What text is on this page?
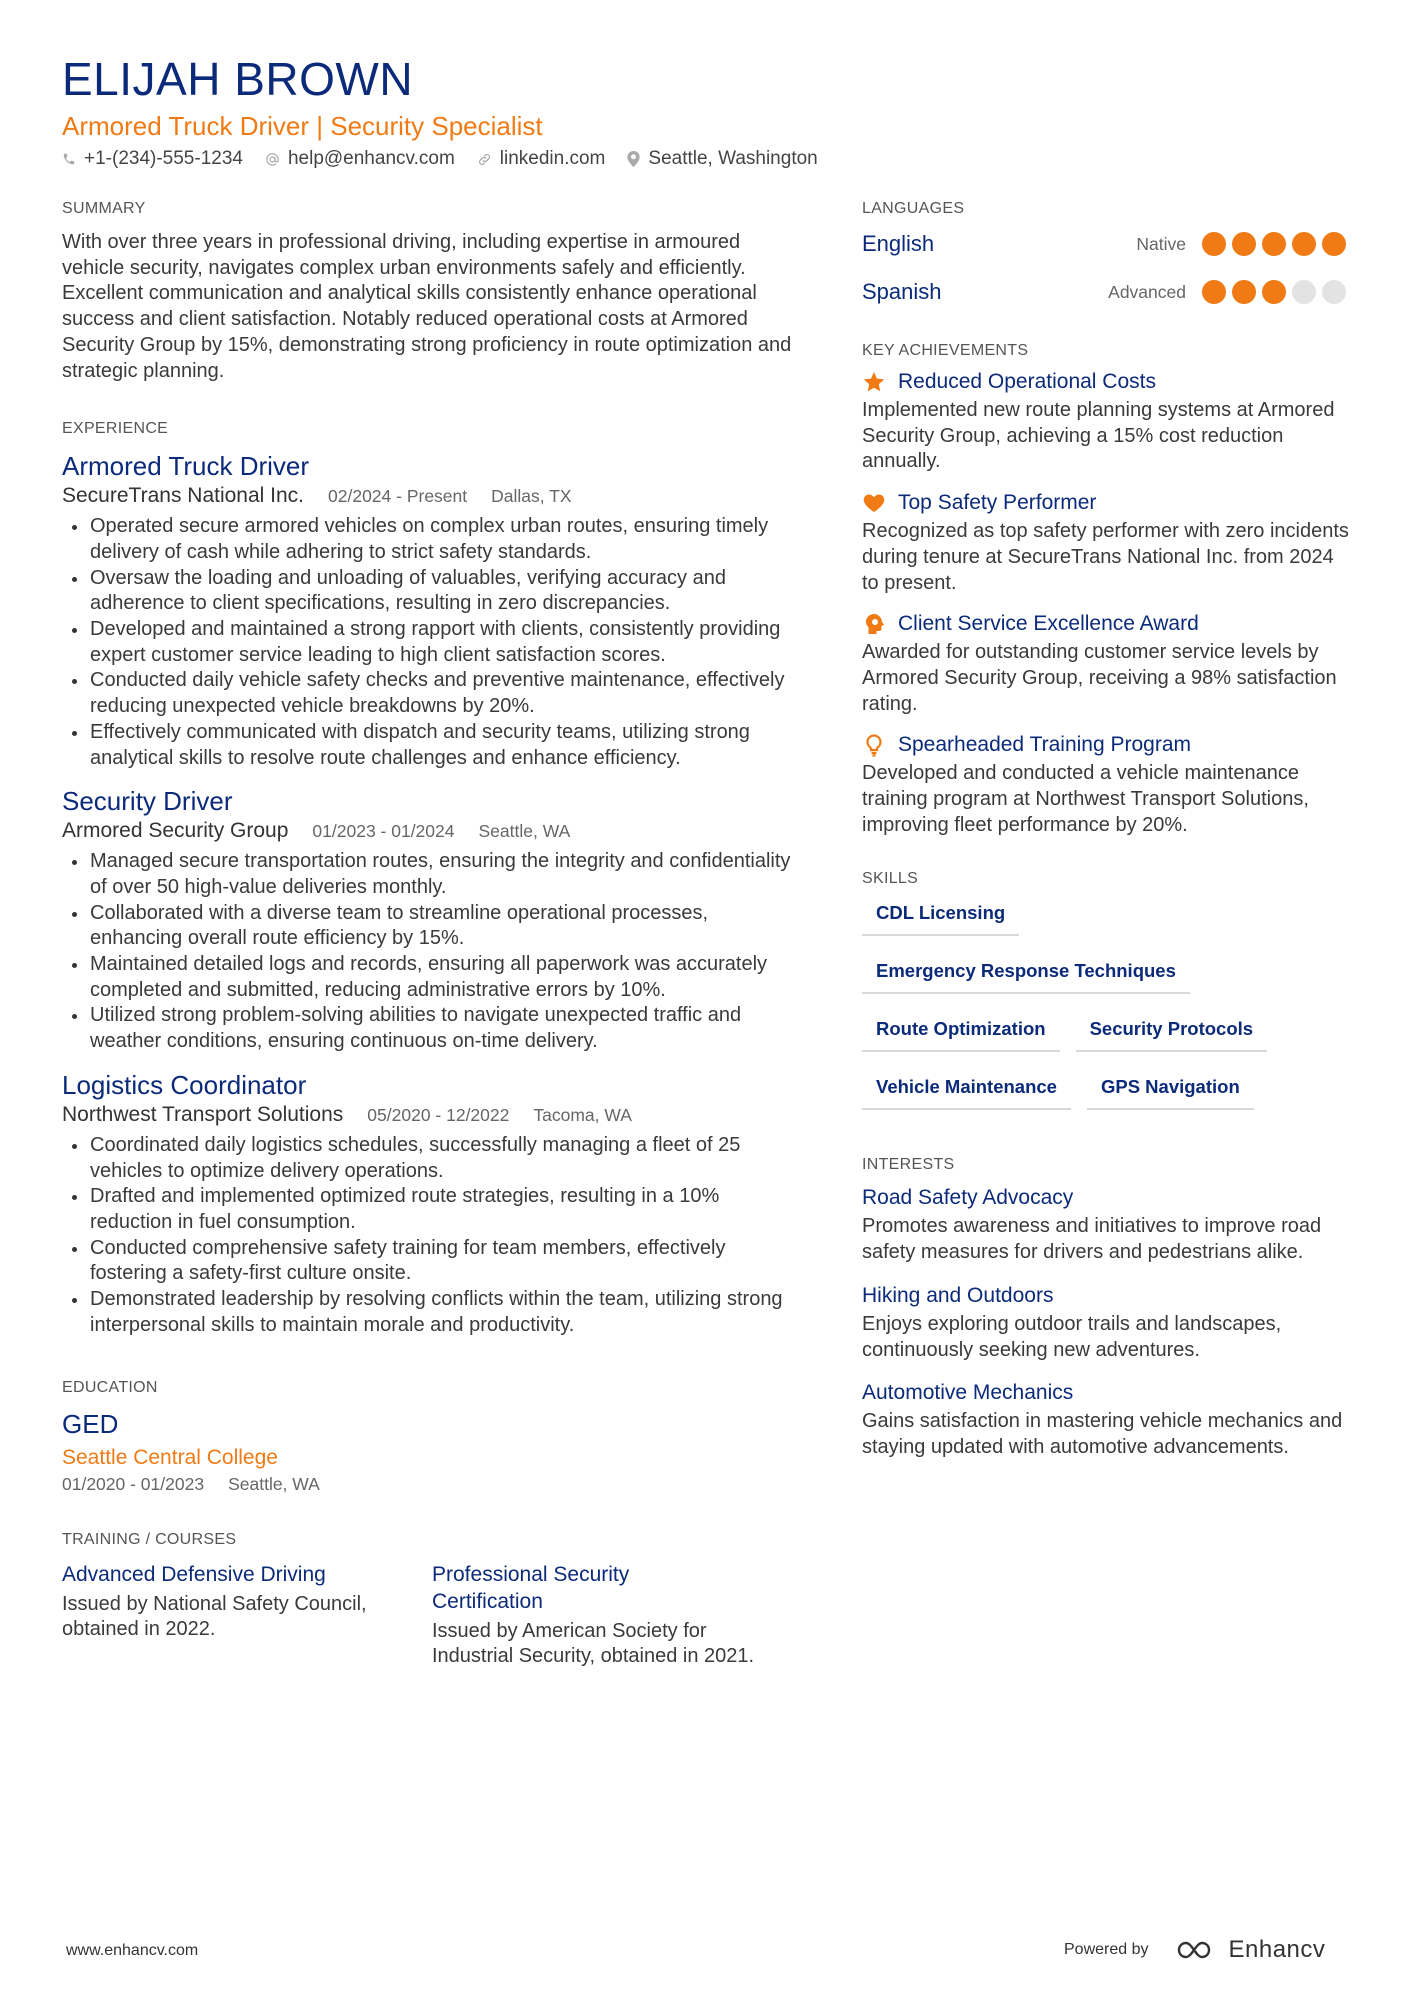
ELIJAH BROWN
Armored Truck Driver | Security Specialist
+1-(234)-555-1234 help@enhancv.com linkedin.com Seattle, Washington
SUMMARY

With over three years in professional driving, including expertise in armoured vehicle security, navigates complex urban environments safely and efficiently. Excellent communication and analytical skills consistently enhance operational success and client satisfaction. Notably reduced operational costs at Armored Security Group by 15%, demonstrating strong proficiency in route optimization and strategic planning.

EXPERIENCE
Armored Truck Driver
SecureTrans National Inc. 02/2024 - Present Dallas, TX
Operated secure armored vehicles on complex urban routes, ensuring timely delivery of cash while adhering to strict safety standards.
Oversaw the loading and unloading of valuables, verifying accuracy and adherence to client specifications, resulting in zero discrepancies.
Developed and maintained a strong rapport with clients, consistently providing expert customer service leading to high client satisfaction scores.
Conducted daily vehicle safety checks and preventive maintenance, effectively reducing unexpected vehicle breakdowns by 20%.
Effectively communicated with dispatch and security teams, utilizing strong analytical skills to resolve route challenges and enhance efficiency.
Security Driver
Armored Security Group 01/2023 - 01/2024 Seattle, WA
Managed secure transportation routes, ensuring the integrity and confidentiality of over 50 high-value deliveries monthly.
Collaborated with a diverse team to streamline operational processes, enhancing overall route efficiency by 15%.
Maintained detailed logs and records, ensuring all paperwork was accurately completed and submitted, reducing administrative errors by 10%.
Utilized strong problem-solving abilities to navigate unexpected traffic and weather conditions, ensuring continuous on-time delivery.
Logistics Coordinator
Northwest Transport Solutions 05/2020 - 12/2022 Tacoma, WA
Coordinated daily logistics schedules, successfully managing a fleet of 25 vehicles to optimize delivery operations.
Drafted and implemented optimized route strategies, resulting in a 10% reduction in fuel consumption.
Conducted comprehensive safety training for team members, effectively fostering a safety-first culture onsite.
Demonstrated leadership by resolving conflicts within the team, utilizing strong interpersonal skills to maintain morale and productivity.
EDUCATION
GED
Seattle Central College
01/2020 - 01/2023 Seattle, WA
TRAINING / COURSES
Advanced Defensive Driving

Issued by National Safety Council, obtained in 2022.

Professional Security Certification

Issued by American Society for Industrial Security, obtained in 2021.

LANGUAGES
English	Native
Spanish	Advanced
KEY ACHIEVEMENTS
Reduced Operational Costs

Implemented new route planning systems at Armored Security Group, achieving a 15% cost reduction annually.

Top Safety Performer

Recognized as top safety performer with zero incidents during tenure at SecureTrans National Inc. from 2024 to present.

Client Service Excellence Award

Awarded for outstanding customer service levels by Armored Security Group, receiving a 98% satisfaction rating.

Spearheaded Training Program

Developed and conducted a vehicle maintenance training program at Northwest Transport Solutions, improving fleet performance by 20%.

SKILLS
CDL Licensing
Emergency Response Techniques
Route Optimization	Security Protocols
Vehicle Maintenance	GPS Navigation
INTERESTS
Road Safety Advocacy

Promotes awareness and initiatives to improve road safety measures for drivers and pedestrians alike.

Hiking and Outdoors

Enjoys exploring outdoor trails and landscapes, continuously seeking new adventures.

Automotive Mechanics

Gains satisfaction in mastering vehicle mechanics and staying updated with automotive advancements.

www.enhancv.com	Powered by	Enhancv
